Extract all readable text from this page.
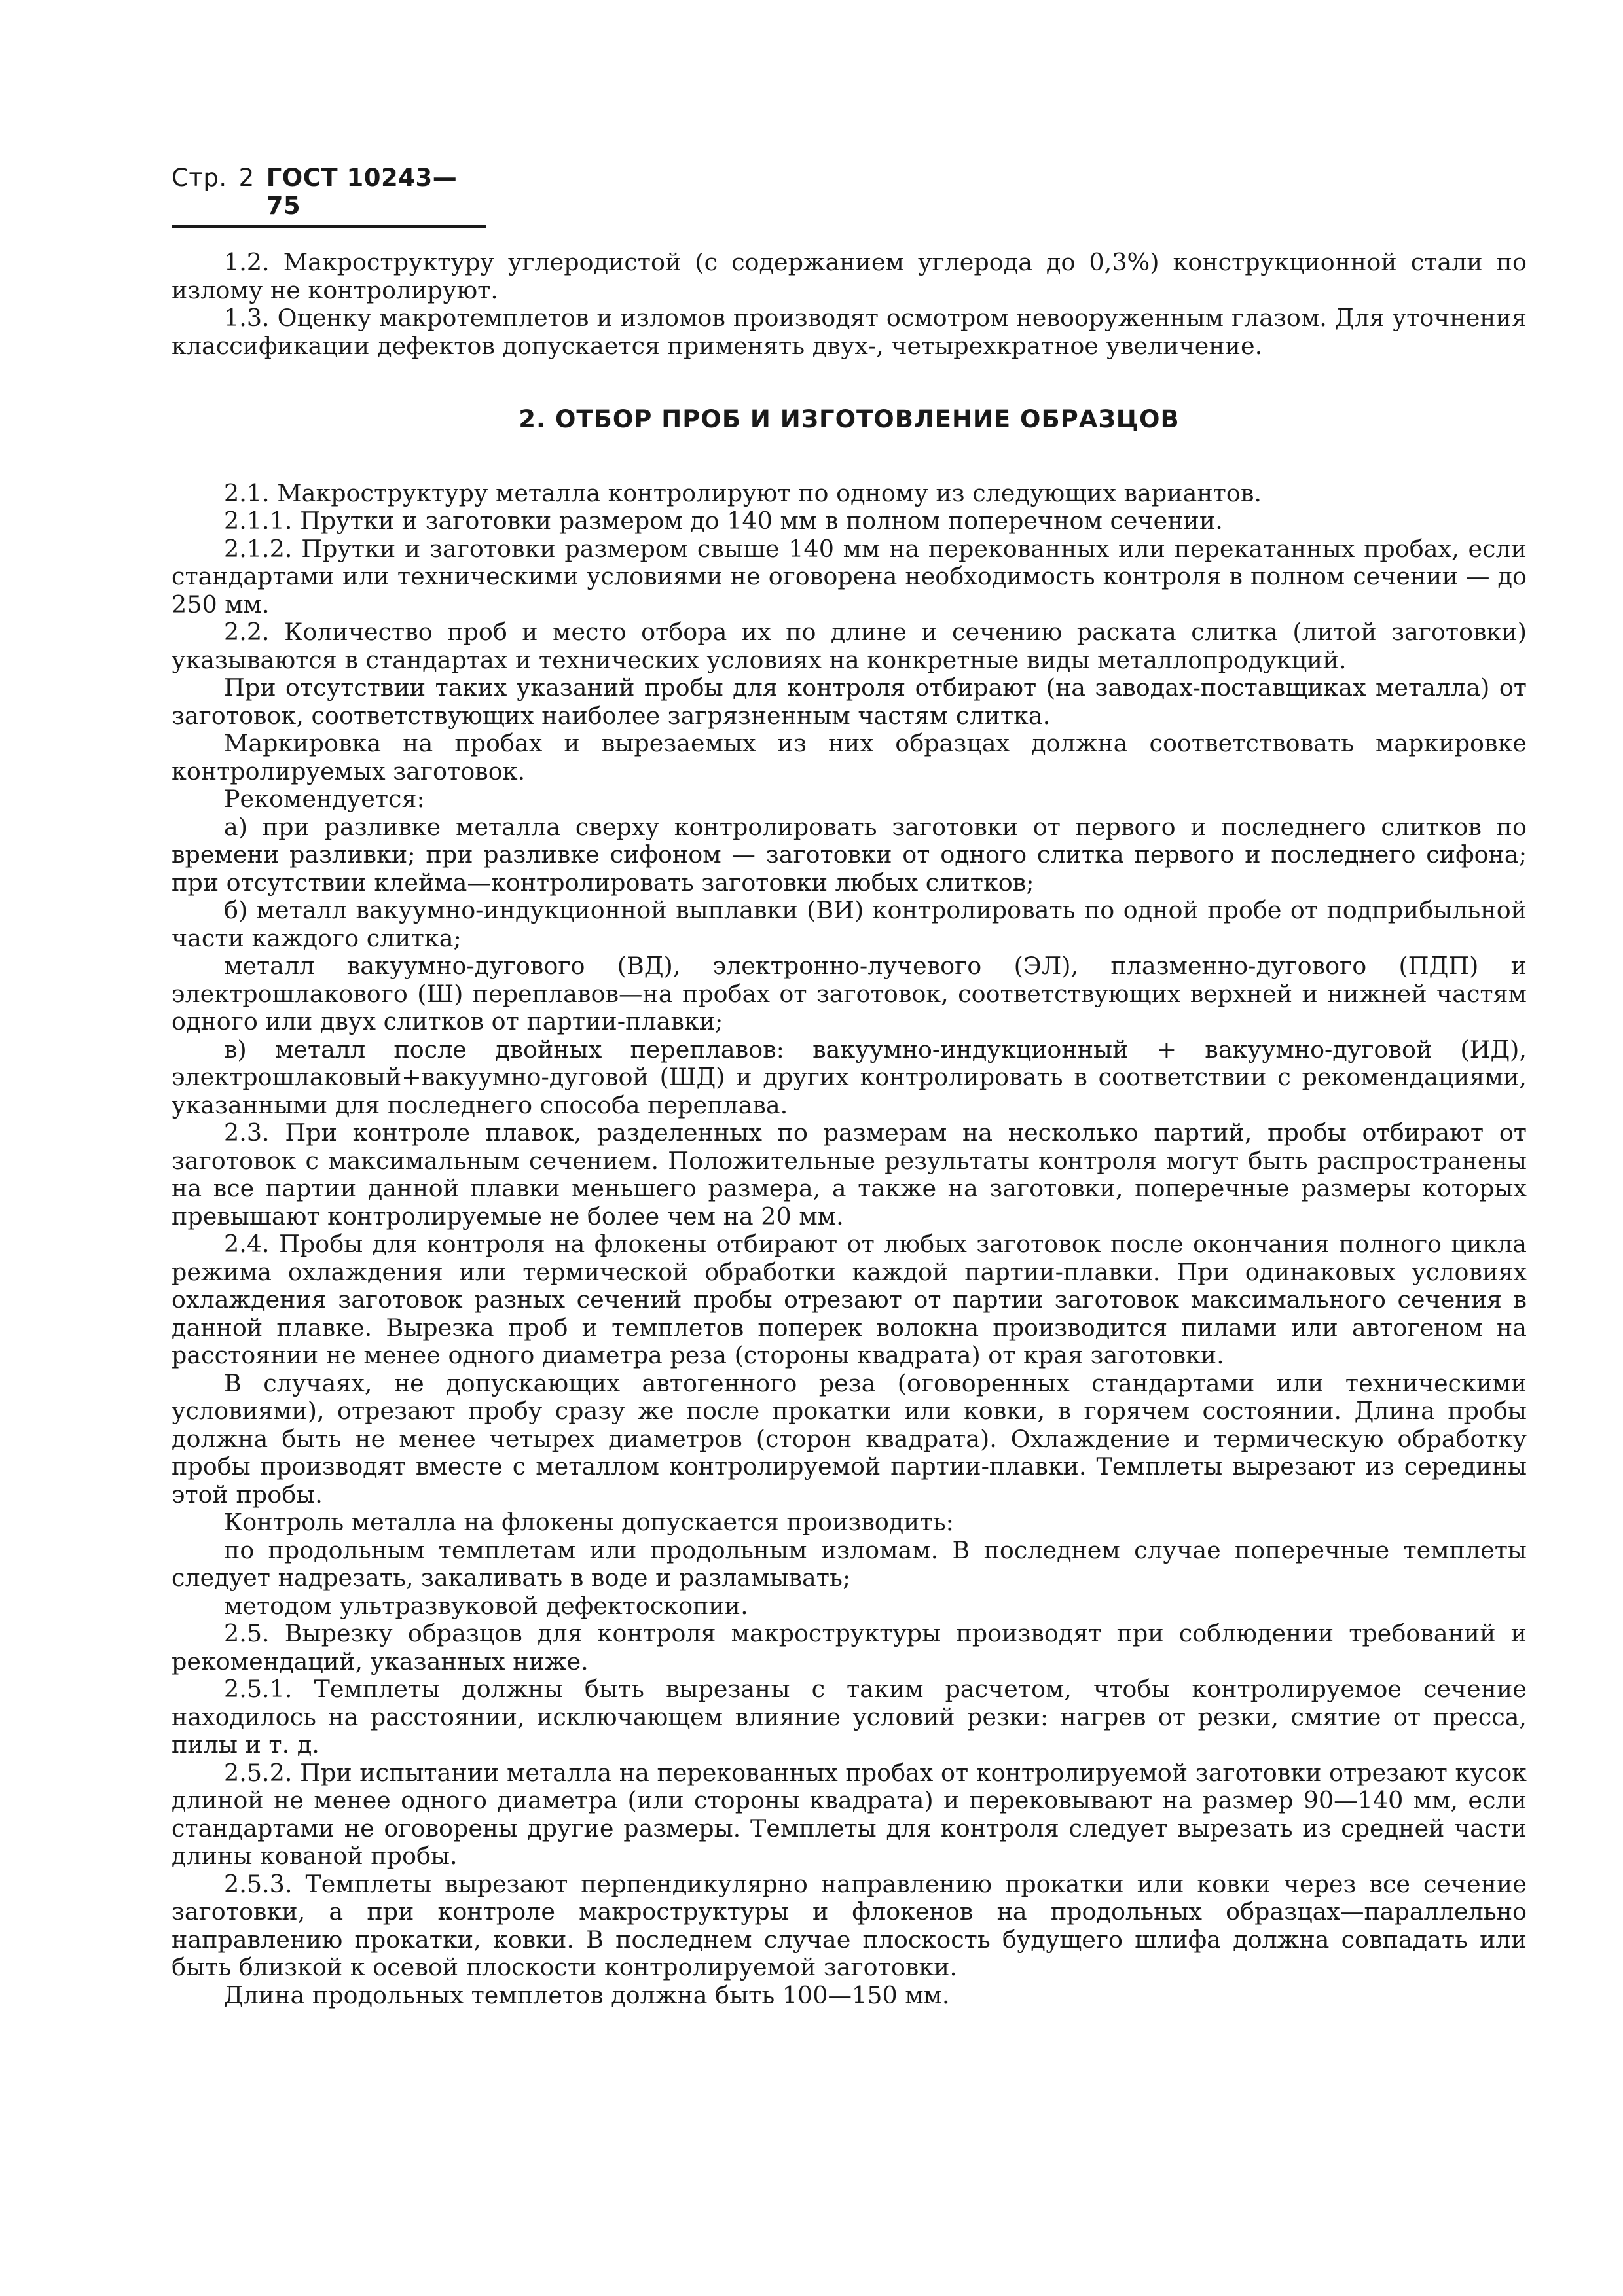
Стр. 2 ГОСТ 10243—75

1.2. Макроструктуру углеродистой (с содержанием углерода до 0,3%) конструкционной стали по излому не контролируют.

1.3. Оценку макротемплетов и изломов производят осмотром невооруженным глазом. Для уточнения классификации дефектов допускается применять двух-, четырехкратное увеличение.

2. ОТБОР ПРОБ И ИЗГОТОВЛЕНИЕ ОБРАЗЦОВ

2.1. Макроструктуру металла контролируют по одному из следующих вариантов.

2.1.1. Прутки и заготовки размером до 140 мм в полном поперечном сечении.

2.1.2. Прутки и заготовки размером свыше 140 мм на перекованных или перекатанных пробах, если стандартами или техническими условиями не оговорена необходимость контроля в полном сечении — до 250 мм.

2.2. Количество проб и место отбора их по длине и сечению раската слитка (литой заготовки) указываются в стандартах и технических условиях на конкретные виды металлопродукций.

При отсутствии таких указаний пробы для контроля отбирают (на заводах-поставщиках металла) от заготовок, соответствующих наиболее загрязненным частям слитка.

Маркировка на пробах и вырезаемых из них образцах должна соответствовать маркировке контролируемых заготовок.

Рекомендуется:

а) при разливке металла сверху контролировать заготовки от первого и последнего слитков по времени разливки; при разливке сифоном — заготовки от одного слитка первого и последнего сифона; при отсутствии клейма—контролировать заготовки любых слитков;

б) металл вакуумно-индукционной выплавки (ВИ) контролировать по одной пробе от подприбыльной части каждого слитка;

металл вакуумно-дугового (ВД), электронно-лучевого (ЭЛ), плазменно-дугового (ПДП) и электрошлакового (Ш) переплавов—на пробах от заготовок, соответствующих верхней и нижней частям одного или двух слитков от партии-плавки;

в) металл после двойных переплавов: вакуумно-индукционный + вакуумно-дуговой (ИД), электрошлаковый+вакуумно-дуговой (ШД) и других контролировать в соответствии с рекомендациями, указанными для последнего способа переплава.

2.3. При контроле плавок, разделенных по размерам на несколько партий, пробы отбирают от заготовок с максимальным сечением. Положительные результаты контроля могут быть распространены на все партии данной плавки меньшего размера, а также на заготовки, поперечные размеры которых превышают контролируемые не более чем на 20 мм.

2.4. Пробы для контроля на флокены отбирают от любых заготовок после окончания полного цикла режима охлаждения или термической обработки каждой партии-плавки. При одинаковых условиях охлаждения заготовок разных сечений пробы отрезают от партии заготовок максимального сечения в данной плавке. Вырезка проб и темплетов поперек волокна производится пилами или автогеном на расстоянии не менее одного диаметра реза (стороны квадрата) от края заготовки.

В случаях, не допускающих автогенного реза (оговоренных стандартами или техническими условиями), отрезают пробу сразу же после прокатки или ковки, в горячем состоянии. Длина пробы должна быть не менее четырех диаметров (сторон квадрата). Охлаждение и термическую обработку пробы производят вместе с металлом контролируемой партии-плавки. Темплеты вырезают из середины этой пробы.

Контроль металла на флокены допускается производить:

по продольным темплетам или продольным изломам. В последнем случае поперечные темплеты следует надрезать, закаливать в воде и разламывать;

методом ультразвуковой дефектоскопии.

2.5. Вырезку образцов для контроля макроструктуры производят при соблюдении требований и рекомендаций, указанных ниже.

2.5.1. Темплеты должны быть вырезаны с таким расчетом, чтобы контролируемое сечение находилось на расстоянии, исключающем влияние условий резки: нагрев от резки, смятие от пресса, пилы и т. д.

2.5.2. При испытании металла на перекованных пробах от контролируемой заготовки отрезают кусок длиной не менее одного диаметра (или стороны квадрата) и перековывают на размер 90—140 мм, если стандартами не оговорены другие размеры. Темплеты для контроля следует вырезать из средней части длины кованой пробы.

2.5.3. Темплеты вырезают перпендикулярно направлению прокатки или ковки через все сечение заготовки, а при контроле макроструктуры и флокенов на продольных образцах—параллельно направлению прокатки, ковки. В последнем случае плоскость будущего шлифа должна совпадать или быть близкой к осевой плоскости контролируемой заготовки.

Длина продольных темплетов должна быть 100—150 мм.
